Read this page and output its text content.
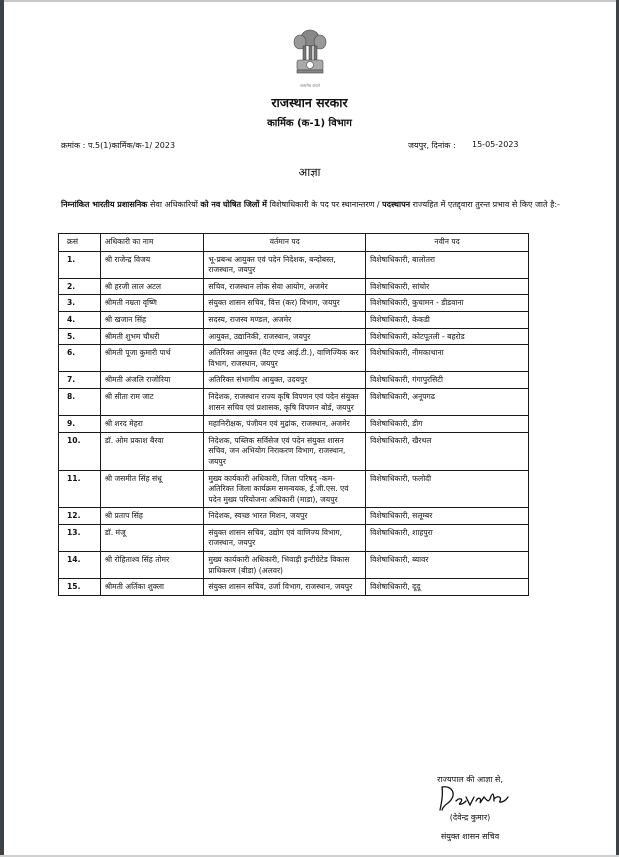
सत्यमेव जयते
राजस्थान सरकार
कार्मिक (क-1) विभाग
क्रमांक : प.5(1)कार्मिक/क-1/ 2023	जयपुर, दिनांक : 15-05-2023
आज्ञा
निम्नांकित भारतीय प्रशासनिक सेवा अधिकारियों को नव घोषित जिलों में विशेषाधिकारी के पद पर स्थानान्तरण / पदस्थापन राज्यहित में एतद्द्वारा तुरन्त प्रभाव से किए जाते है:-
क्रसं	अधिकारी का नाम	वर्तमान पद	नवीन पद
1.	श्री राजेन्द्र विजय	भू-प्रबन्ध आयुक्त एवं पदेन निदेशक, बन्दोबस्त, राजस्थान, जयपुर	विशेषाधिकारी, बालोतरा
2.	श्री हरजी लाल अटल	सचिव, राजस्थान लोक सेवा आयोग, अजमेर	विशेषाधिकारी, सांचोर
3.	श्रीमती नम्रता वृष्णि	संयुक्त शासन सचिव, वित्त (कर) विभाग, जयपुर	विशेषाधिकारी, कुचामन - डीडवाना
4.	श्री खजान सिंह	सदस्य, राजस्व मण्डल, अजमेर	विशेषाधिकारी, केकडी
5.	श्रीमती शुभम चौधरी	आयुक्त, उद्यानिकी, राजस्थान, जयपुर	विशेषाधिकारी, कोटपूतली - बहरोड
6.	श्रीमती पूजा कुमारी पार्थ	अतिरिक्त आयुक्त (वैट एण्ड आई.टी.), वाणिज्यिक कर विभाग, राजस्थान, जयपुर	विशेषाधिकारी, नीमकाथाना
7.	श्रीमती अंजलि राजोरिया	अतिरिक्त संभागीय आयुक्त, उदयपुर	विशेषाधिकारी, गंगापुरसिटी
8.	श्री सीता राम जाट	निदेशक, राजस्थान राज्य कृषि विपणन एवं पदेन संयुक्त शासन सचिव एवं प्रशासक, कृषि विपणन बोर्ड, जयपुर	विशेषाधिकारी, अनूपगढ
9.	श्री शरद मेहरा	महानिरीक्षक, पंजीयन एवं मुद्रांक, राजस्थान, अजमेर	विशेषाधिकारी, डीग
10.	डॉ. ओम प्रकाश बैरवा	निदेशक, पब्लिक सर्विसेज एवं पदेन संयुक्त शासन सचिव, जन अभियोग निराकरण विभाग, राजस्थान, जयपुर	विशेषाधिकारी, खैरथल
11.	श्री जसमीत सिंह संधू	मुख्य कार्यकारी अधिकारी, जिला परिषद् -कम- अतिरिक्त जिला कार्यक्रम समन्वयक, ई.जी.एस. एवं पदेन मुख्य परियोजना अधिकारी (माडा), जयपुर	विशेषाधिकारी, फलोदी
12.	श्री प्रताप सिंह	निदेशक, स्वच्छ भारत मिशन, जयपुर	विशेषाधिकारी, सलूम्बर
13.	डॉ. मंजू	संयुक्त शासन सचिव, उद्योग एवं वाणिज्य विभाग, राजस्थान, जयपुर	विशेषाधिकारी, शाहपुरा
14.	श्री रोहिताश्व सिंह तोमर	मुख्य कार्यकारी अधिकारी, भिवाड़ी इन्टीग्रेटेड विकास प्राधिकरण (बीडा) (अलवर)	विशेषाधिकारी, ब्यावर
15.	श्रीमती अर्तिका शुक्ला	संयुक्त शासन सचिव, उर्जा विभाग, राजस्थान, जयपुर	विशेषाधिकारी, दूदू
राज्यपाल की आज्ञा से,
(देवेन्द्र कुमार)
संयुक्त शासन सचिव
